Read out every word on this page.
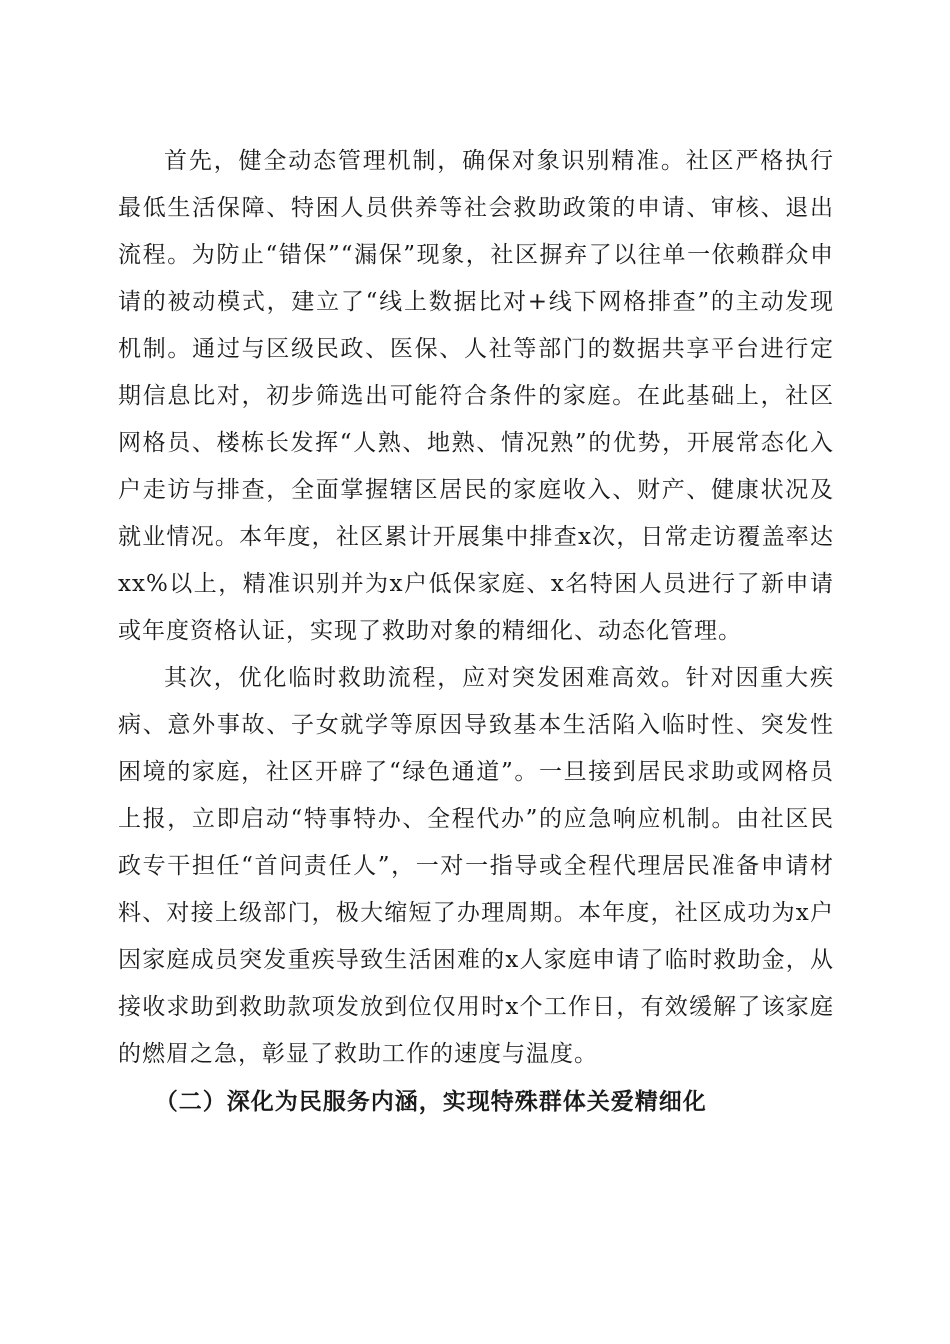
首先，健全动态管理机制，确保对象识别精准。社区严格执行最低生活保障、特困人员供养等社会救助政策的申请、审核、退出流程。为防止“错保”“漏保”现象，社区摒弃了以往单一依赖群众申请的被动模式，建立了“线上数据比对+线下网格排查”的主动发现机制。通过与区级民政、医保、人社等部门的数据共享平台进行定期信息比对，初步筛选出可能符合条件的家庭。在此基础上，社区网格员、楼栋长发挥“人熟、地熟、情况熟”的优势，开展常态化入户走访与排查，全面掌握辖区居民的家庭收入、财产、健康状况及就业情况。本年度，社区累计开展集中排查x次，日常走访覆盖率达xx%以上，精准识别并为x户低保家庭、x名特困人员进行了新申请或年度资格认证，实现了救助对象的精细化、动态化管理。

其次，优化临时救助流程，应对突发困难高效。针对因重大疾病、意外事故、子女就学等原因导致基本生活陷入临时性、突发性困境的家庭，社区开辟了“绿色通道”。一旦接到居民求助或网格员上报，立即启动“特事特办、全程代办”的应急响应机制。由社区民政专干担任“首问责任人”，一对一指导或全程代理居民准备申请材料、对接上级部门，极大缩短了办理周期。本年度，社区成功为x户因家庭成员突发重疾导致生活困难的x人家庭申请了临时救助金，从接收求助到救助款项发放到位仅用时x个工作日，有效缓解了该家庭的燃眉之急，彰显了救助工作的速度与温度。

（二）深化为民服务内涵，实现特殊群体关爱精细化
